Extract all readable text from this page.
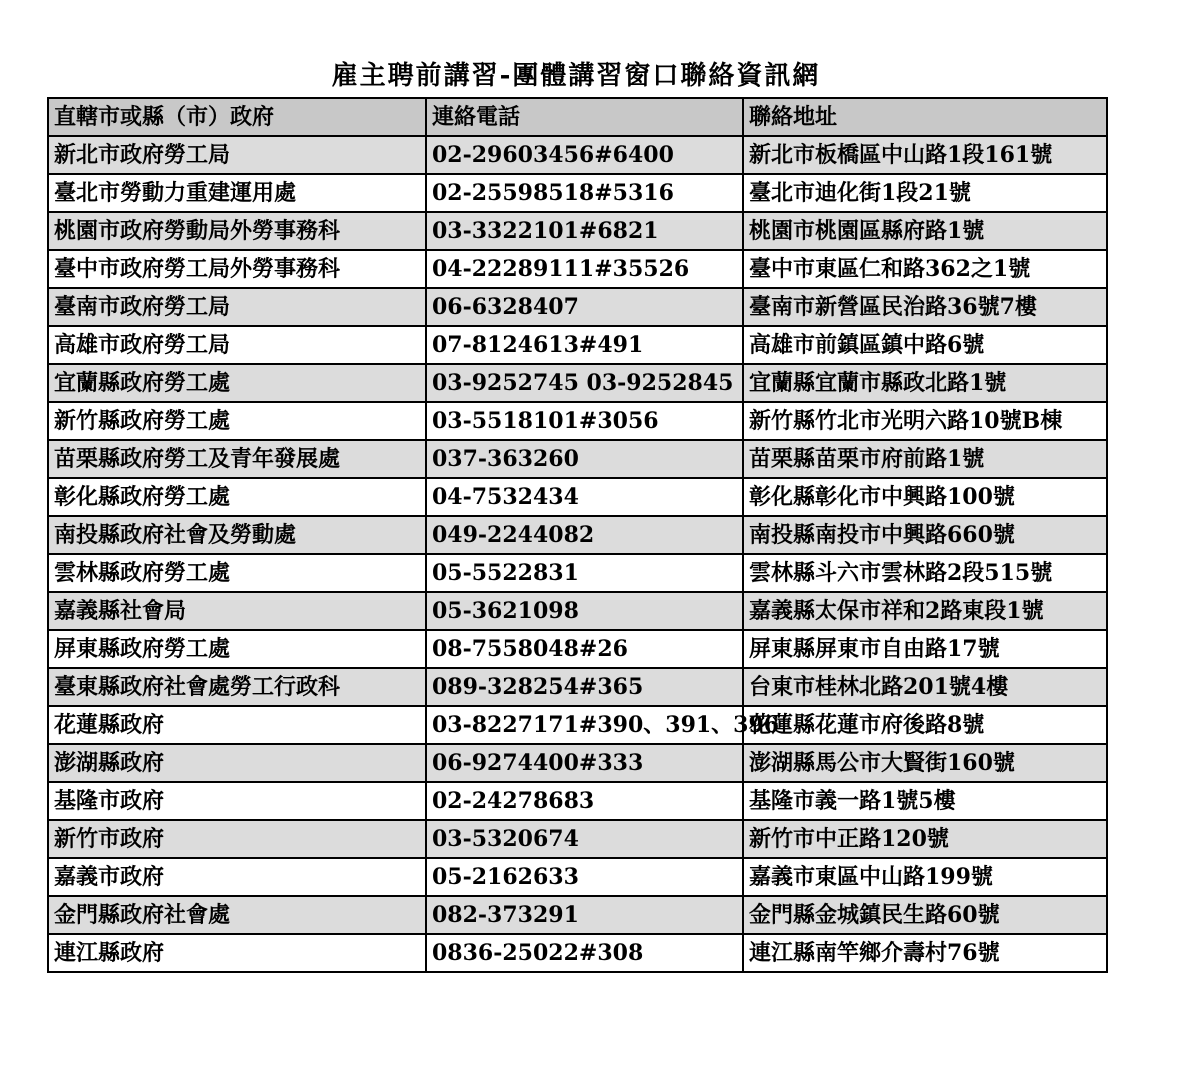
雇主聘前講習-團體講習窗口聯絡資訊網
直轄市或縣（市）政府	連絡電話	聯絡地址
新北市政府勞工局	02-29603456#6400	新北市板橋區中山路1段161號
臺北市勞動力重建運用處	02-25598518#5316	臺北市迪化街1段21號
桃園市政府勞動局外勞事務科	03-3322101#6821	桃園市桃園區縣府路1號
臺中市政府勞工局外勞事務科	04-22289111#35526	臺中市東區仁和路362之1號
臺南市政府勞工局	06-6328407	臺南市新營區民治路36號7樓
高雄市政府勞工局	07-8124613#491	高雄市前鎮區鎮中路6號
宜蘭縣政府勞工處	03-9252745 03-9252845	宜蘭縣宜蘭市縣政北路1號
新竹縣政府勞工處	03-5518101#3056	新竹縣竹北市光明六路10號B棟
苗栗縣政府勞工及青年發展處	037-363260	苗栗縣苗栗市府前路1號
彰化縣政府勞工處	04-7532434	彰化縣彰化市中興路100號
南投縣政府社會及勞動處	049-2244082	南投縣南投市中興路660號
雲林縣政府勞工處	05-5522831	雲林縣斗六市雲林路2段515號
嘉義縣社會局	05-3621098	嘉義縣太保市祥和2路東段1號
屏東縣政府勞工處	08-7558048#26	屏東縣屏東市自由路17號
臺東縣政府社會處勞工行政科	089-328254#365	台東市桂林北路201號4樓
花蓮縣政府	03-8227171#390、391、396	花蓮縣花蓮市府後路8號
澎湖縣政府	06-9274400#333	澎湖縣馬公市大賢街160號
基隆市政府	02-24278683	基隆市義一路1號5樓
新竹市政府	03-5320674	新竹市中正路120號
嘉義市政府	05-2162633	嘉義市東區中山路199號
金門縣政府社會處	082-373291	金門縣金城鎮民生路60號
連江縣政府	0836-25022#308	連江縣南竿鄉介壽村76號
